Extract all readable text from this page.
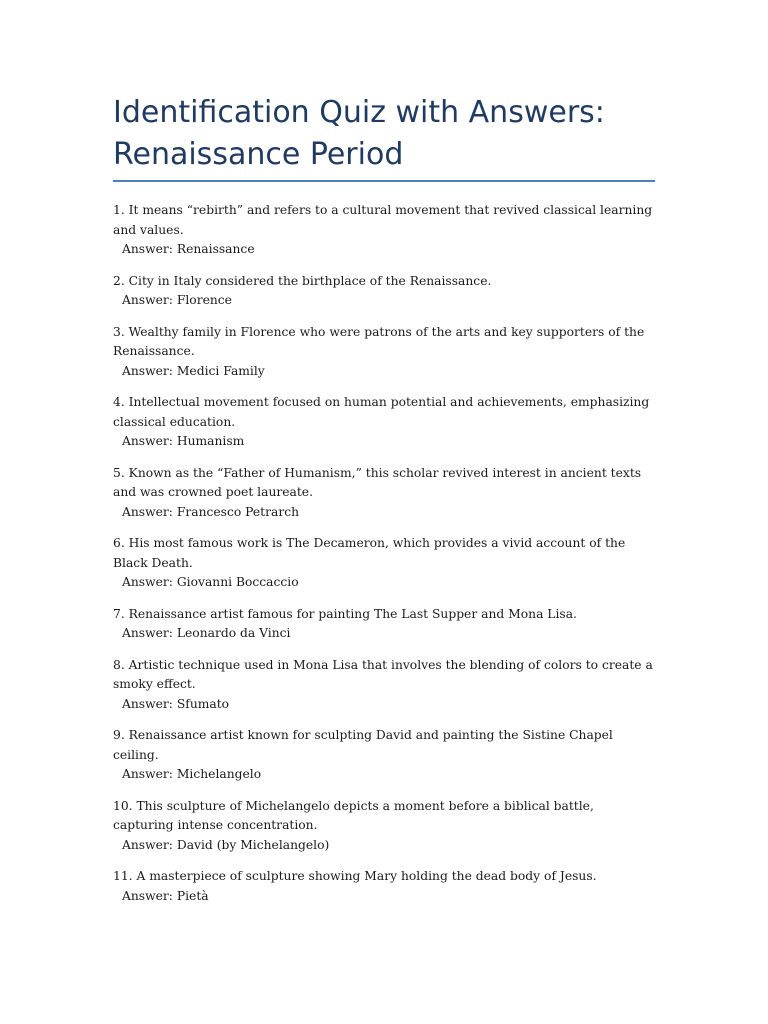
Identification Quiz with Answers:
Renaissance Period

1. It means “rebirth” and refers to a cultural movement that revived classical learning and values.

Answer: Renaissance

2. City in Italy considered the birthplace of the Renaissance.

Answer: Florence

3. Wealthy family in Florence who were patrons of the arts and key supporters of the Renaissance.

Answer: Medici Family

4. Intellectual movement focused on human potential and achievements, emphasizing classical education.

Answer: Humanism

5. Known as the “Father of Humanism,” this scholar revived interest in ancient texts and was crowned poet laureate.

Answer: Francesco Petrarch

6. His most famous work is The Decameron, which provides a vivid account of the Black Death.

Answer: Giovanni Boccaccio

7. Renaissance artist famous for painting The Last Supper and Mona Lisa.

Answer: Leonardo da Vinci

8. Artistic technique used in Mona Lisa that involves the blending of colors to create a smoky effect.

Answer: Sfumato

9. Renaissance artist known for sculpting David and painting the Sistine Chapel ceiling.

Answer: Michelangelo

10. This sculpture of Michelangelo depicts a moment before a biblical battle, capturing intense concentration.

Answer: David (by Michelangelo)

11. A masterpiece of sculpture showing Mary holding the dead body of Jesus.

Answer: Pietà
